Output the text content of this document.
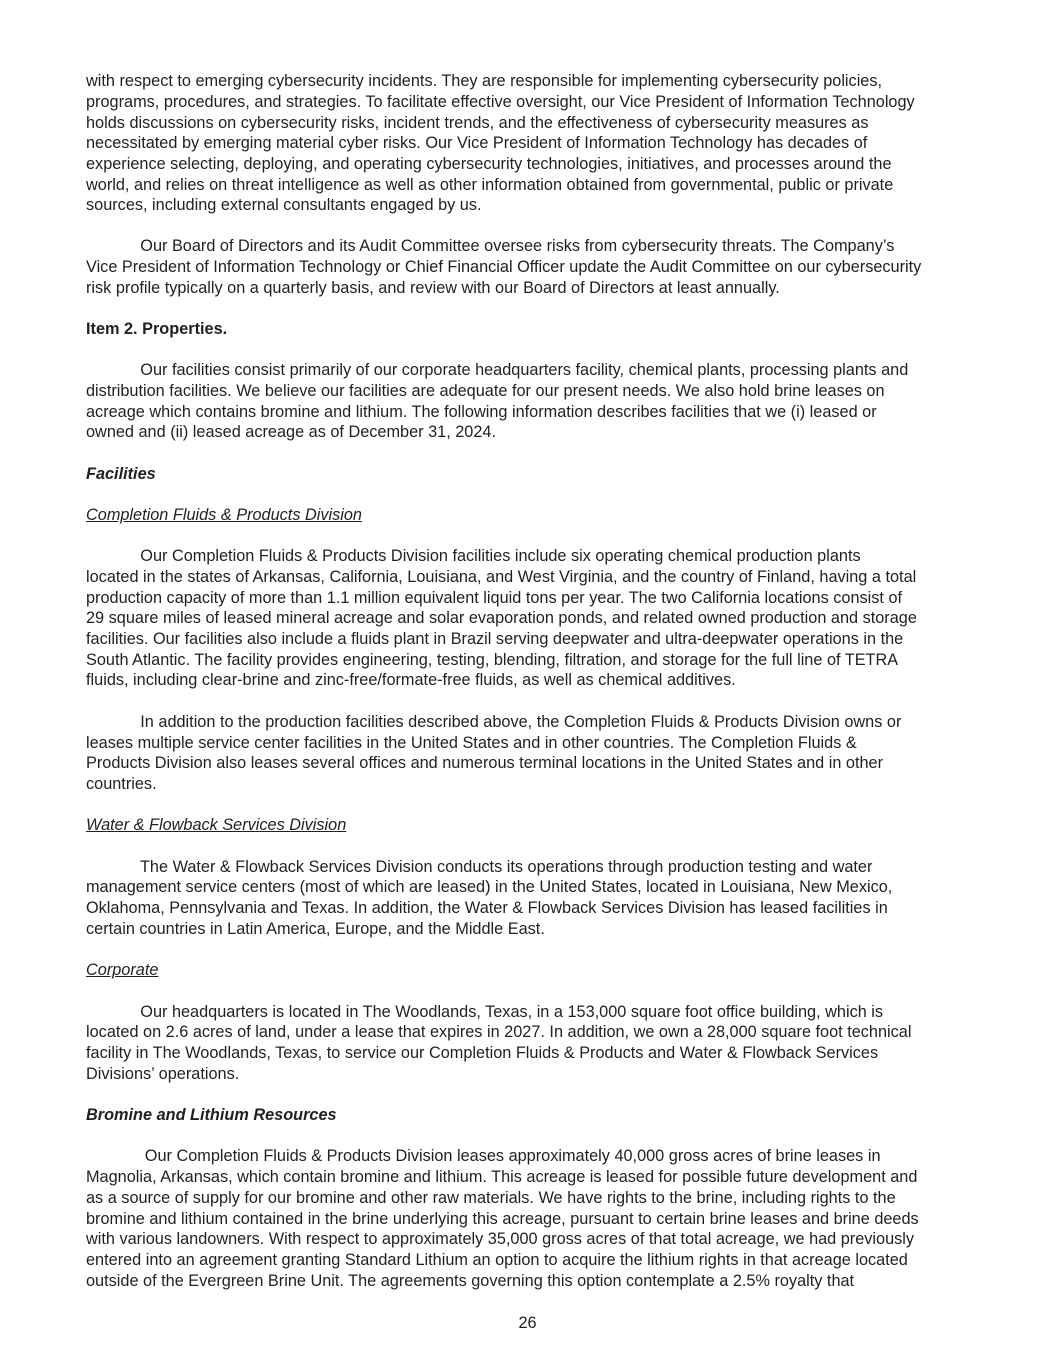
with respect to emerging cybersecurity incidents. They are responsible for implementing cybersecurity policies,
programs, procedures, and strategies. To facilitate effective oversight, our Vice President of Information Technology
holds discussions on cybersecurity risks, incident trends, and the effectiveness of cybersecurity measures as
necessitated by emerging material cyber risks. Our Vice President of Information Technology has decades of
experience selecting, deploying, and operating cybersecurity technologies, initiatives, and processes around the
world, and relies on threat intelligence as well as other information obtained from governmental, public or private
sources, including external consultants engaged by us.
Our Board of Directors and its Audit Committee oversee risks from cybersecurity threats. The Company’s
Vice President of Information Technology or Chief Financial Officer update the Audit Committee on our cybersecurity
risk profile typically on a quarterly basis, and review with our Board of Directors at least annually.
Item 2. Properties.
Our facilities consist primarily of our corporate headquarters facility, chemical plants, processing plants and
distribution facilities. We believe our facilities are adequate for our present needs. We also hold brine leases on
acreage which contains bromine and lithium. The following information describes facilities that we (i) leased or
owned and (ii) leased acreage as of December 31, 2024.
Facilities
Completion Fluids & Products Division
Our Completion Fluids & Products Division facilities include six operating chemical production plants
located in the states of Arkansas, California, Louisiana, and West Virginia, and the country of Finland, having a total
production capacity of more than 1.1 million equivalent liquid tons per year. The two California locations consist of
29 square miles of leased mineral acreage and solar evaporation ponds, and related owned production and storage
facilities. Our facilities also include a fluids plant in Brazil serving deepwater and ultra-deepwater operations in the
South Atlantic. The facility provides engineering, testing, blending, filtration, and storage for the full line of TETRA
fluids, including clear-brine and zinc-free/formate-free fluids, as well as chemical additives.
In addition to the production facilities described above, the Completion Fluids & Products Division owns or
leases multiple service center facilities in the United States and in other countries. The Completion Fluids &
Products Division also leases several offices and numerous terminal locations in the United States and in other
countries.
Water & Flowback Services Division
The Water & Flowback Services Division conducts its operations through production testing and water
management service centers (most of which are leased) in the United States, located in Louisiana, New Mexico,
Oklahoma, Pennsylvania and Texas. In addition, the Water & Flowback Services Division has leased facilities in
certain countries in Latin America, Europe, and the Middle East.
Corporate
Our headquarters is located in The Woodlands, Texas, in a 153,000 square foot office building, which is
located on 2.6 acres of land, under a lease that expires in 2027. In addition, we own a 28,000 square foot technical
facility in The Woodlands, Texas, to service our Completion Fluids & Products and Water & Flowback Services
Divisions’ operations.
Bromine and Lithium Resources
Our Completion Fluids & Products Division leases approximately 40,000 gross acres of brine leases in
Magnolia, Arkansas, which contain bromine and lithium. This acreage is leased for possible future development and
as a source of supply for our bromine and other raw materials. We have rights to the brine, including rights to the
bromine and lithium contained in the brine underlying this acreage, pursuant to certain brine leases and brine deeds
with various landowners. With respect to approximately 35,000 gross acres of that total acreage, we had previously
entered into an agreement granting Standard Lithium an option to acquire the lithium rights in that acreage located
outside of the Evergreen Brine Unit. The agreements governing this option contemplate a 2.5% royalty that
26
